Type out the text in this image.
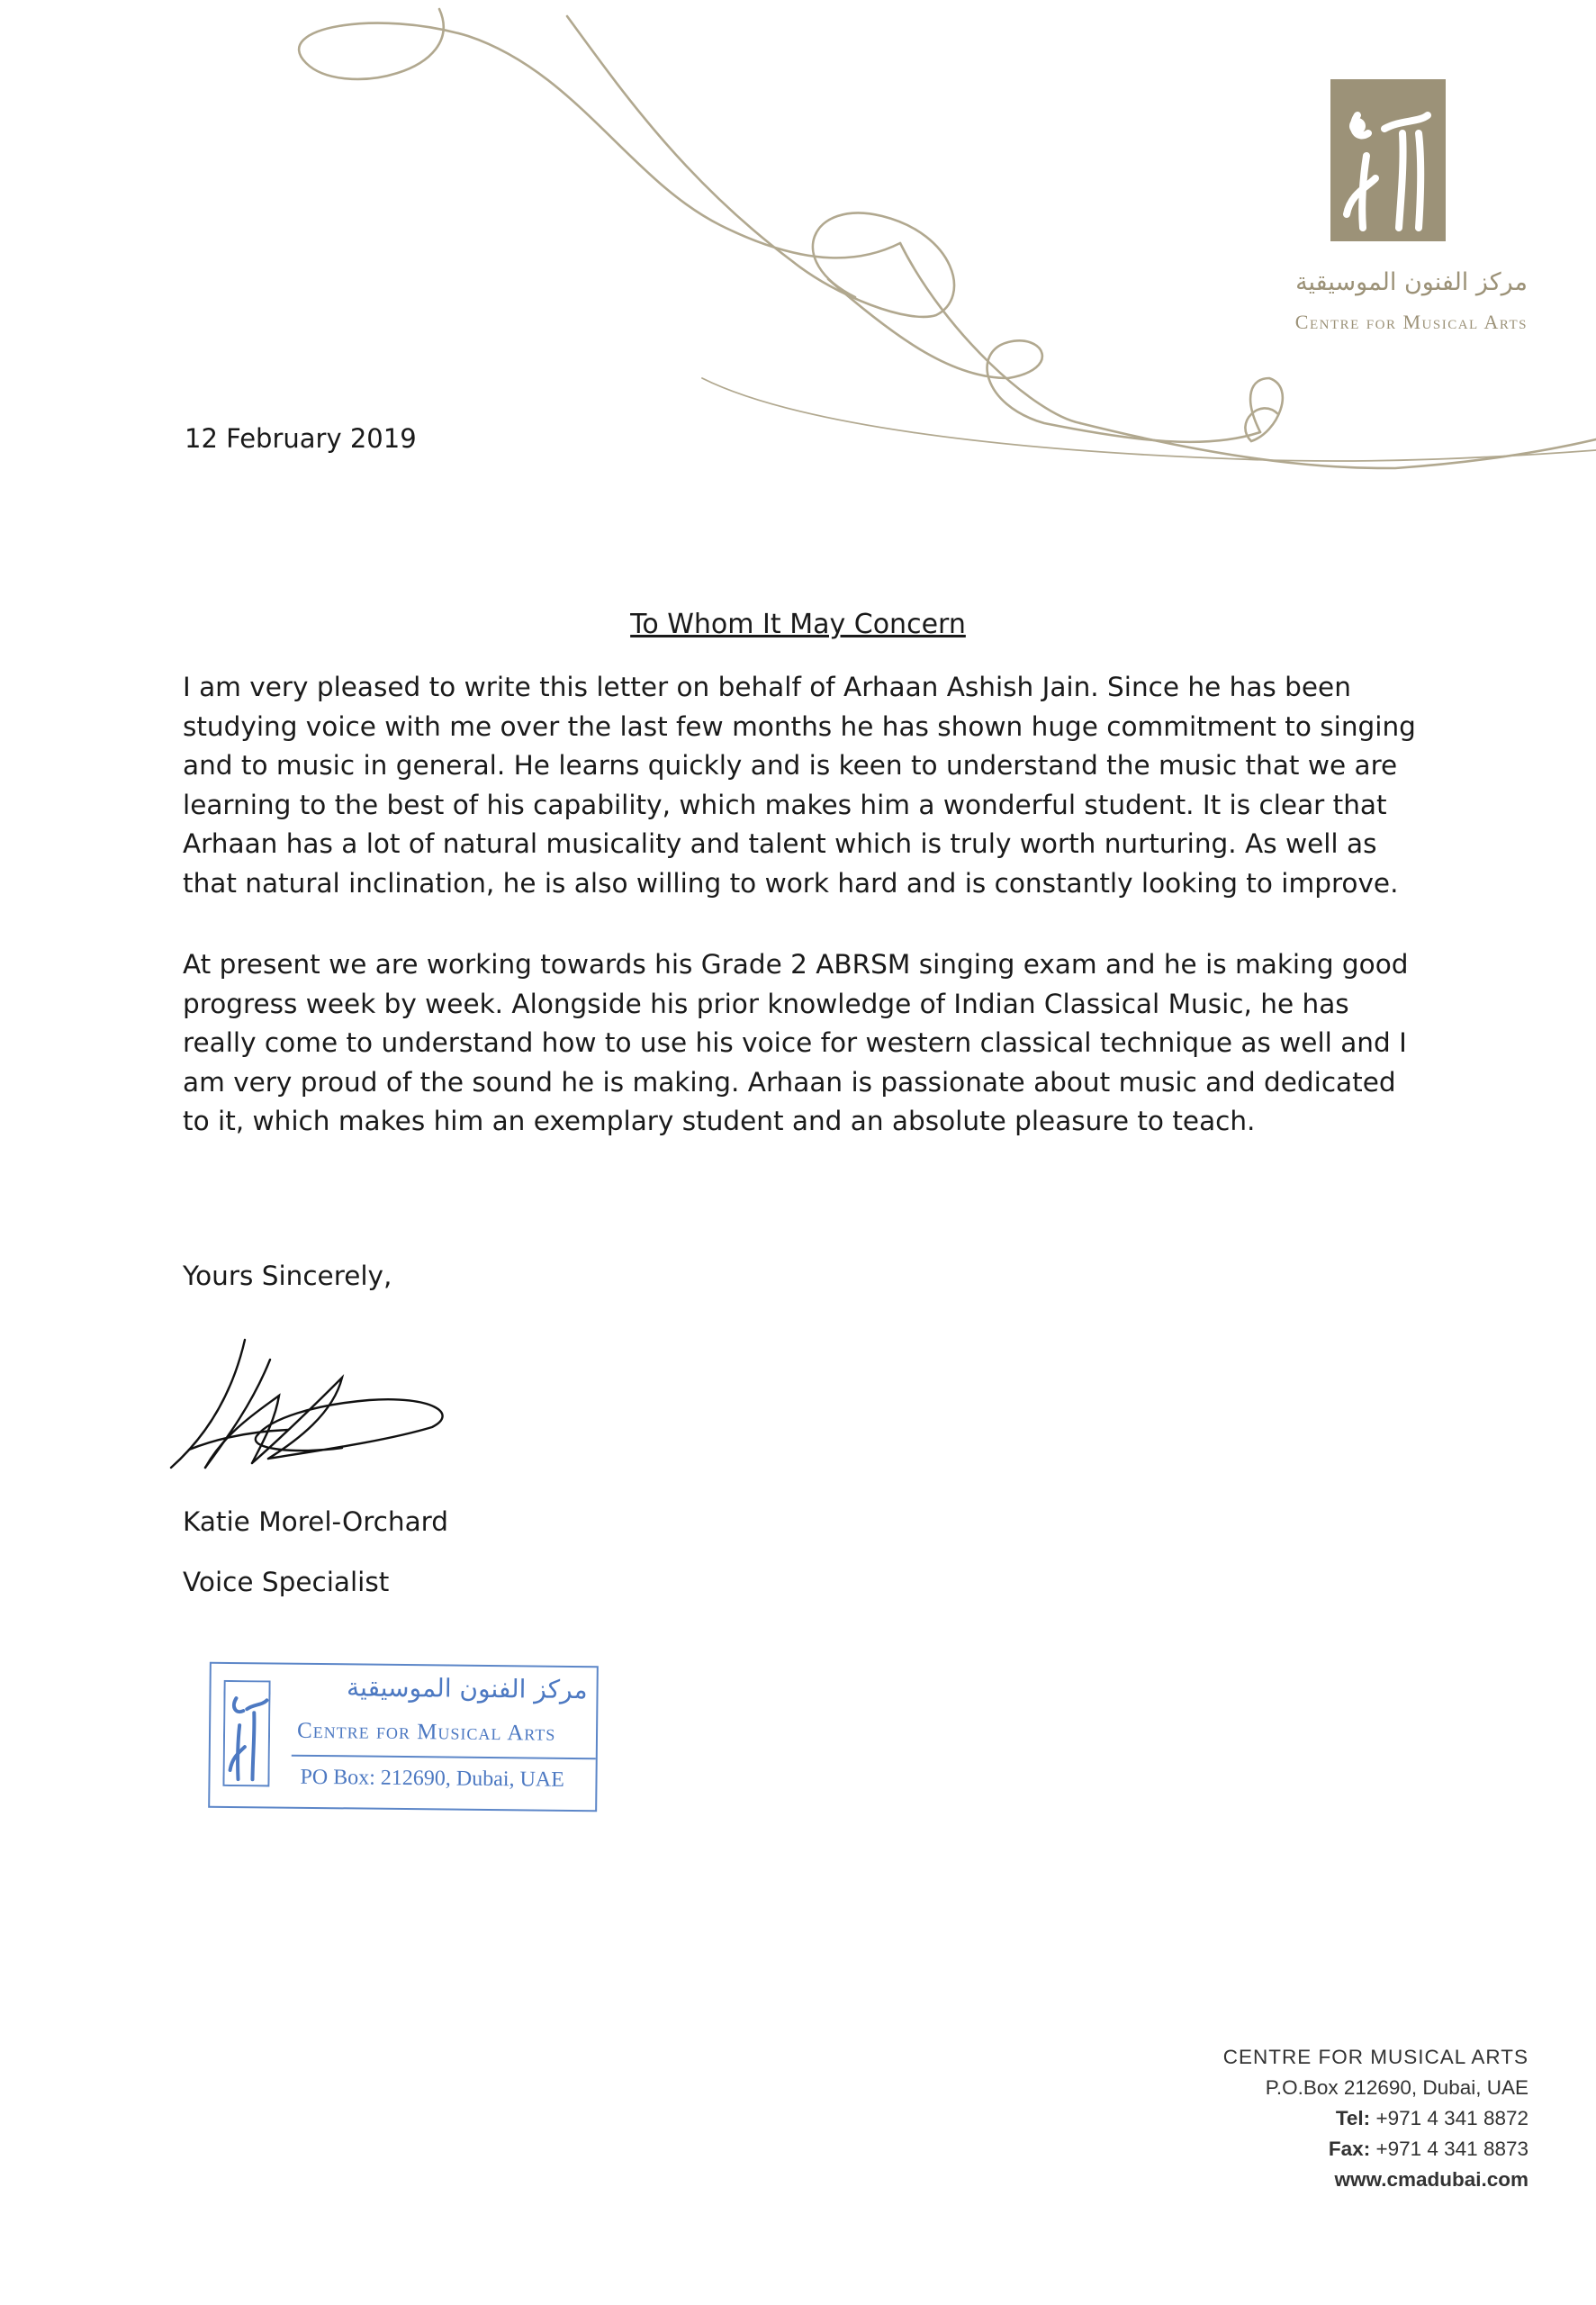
مركز الفنون الموسيقية
Centre for Musical Arts
12 February 2019
To Whom It May Concern

I am very pleased to write this letter on behalf of Arhaan Ashish Jain. Since he has been studying voice with me over the last few months he has shown huge commitment to singing and to music in general. He learns quickly and is keen to understand the music that we are learning to the best of his capability, which makes him a wonderful student. It is clear that Arhaan has a lot of natural musicality and talent which is truly worth nurturing. As well as that natural inclination, he is also willing to work hard and is constantly looking to improve.

At present we are working towards his Grade 2 ABRSM singing exam and he is making good progress week by week. Alongside his prior knowledge of Indian Classical Music, he has really come to understand how to use his voice for western classical technique as well and I am very proud of the sound he is making. Arhaan is passionate about music and dedicated to it, which makes him an exemplary student and an absolute pleasure to teach.

Yours Sincerely,
Katie Morel-Orchard
Voice Specialist
مركز الفنون الموسيقية
Centre for Musical Arts
PO Box: 212690, Dubai, UAE
CENTRE FOR MUSICAL ARTS
P.O.Box 212690, Dubai, UAE
Tel: +971 4 341 8872
Fax: +971 4 341 8873
www.cmadubai.com
